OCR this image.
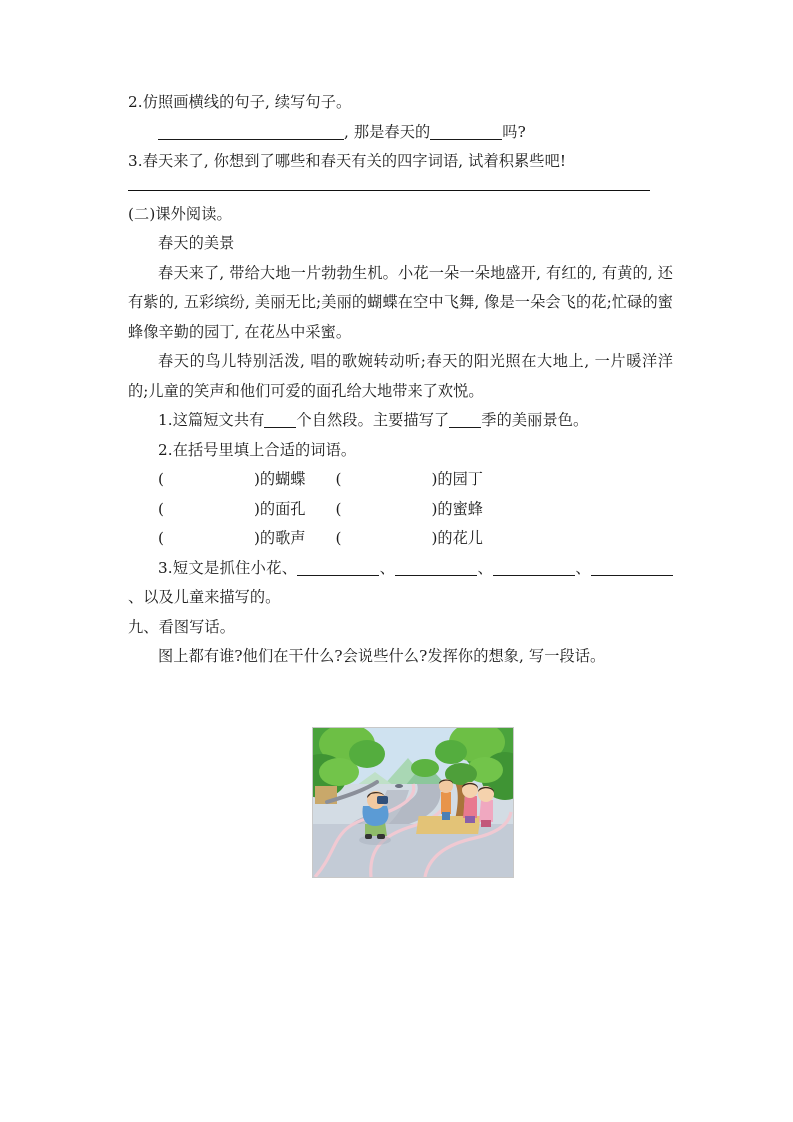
2.仿照画横线的句子, 续写句子。
, 那是春天的	吗?
3.春天来了, 你想到了哪些和春天有关的四字词语, 试着积累些吧!
(二)课外阅读。
春天的美景
春天来了, 带给大地一片勃勃生机。小花一朵一朵地盛开, 有红的, 有黄的, 还有紫的, 五彩缤纷, 美丽无比;美丽的蝴蝶在空中飞舞, 像是一朵会飞的花;忙碌的蜜蜂像辛勤的园丁, 在花丛中采蜜。
春天的鸟儿特别活泼, 唱的歌婉转动听;春天的阳光照在大地上, 一片暖洋洋的;儿童的笑声和他们可爱的面孔给大地带来了欢悦。
1.这篇短文共有 个自然段。主要描写了 季的美丽景色。
2.在括号里填上合适的词语。
(	)的蝴蝶 (	)的园丁
(	)的面孔 (	)的蜜蜂
(	)的歌声 (	)的花儿
3.短文是抓住小花、	、	、	、、以及儿童来描写的。
九、看图写话。
图上都有谁?他们在干什么?会说些什么?发挥你的想象, 写一段话。
